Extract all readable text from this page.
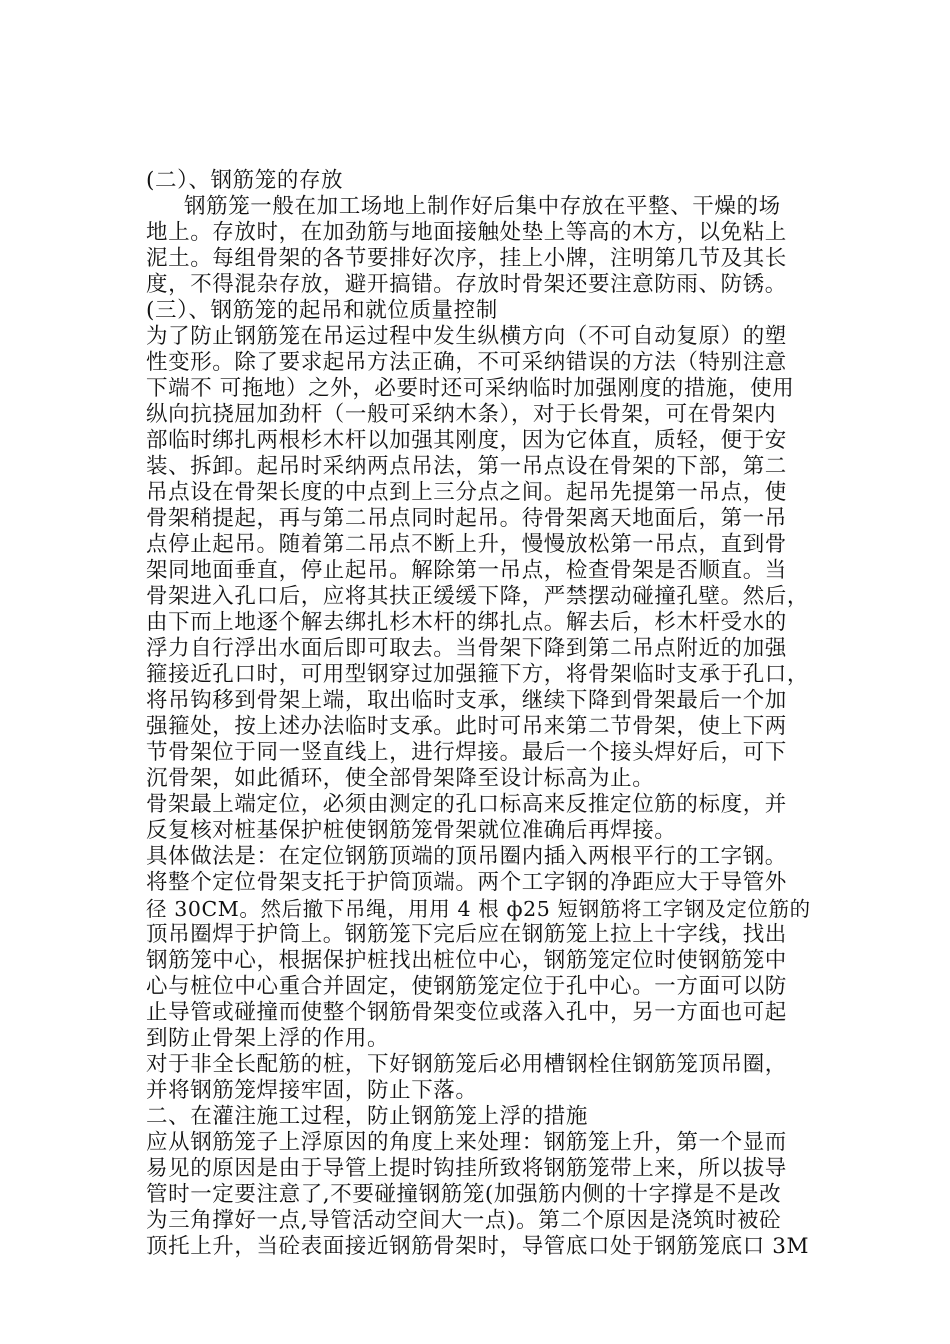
(二）、钢筋笼的存放
钢筋笼一般在加工场地上制作好后集中存放在平整、干燥的场
地上。存放时，在加劲筋与地面接触处垫上等高的木方，以免粘上
泥土。每组骨架的各节要排好次序，挂上小牌，注明第几节及其长
度，不得混杂存放，避开搞错。存放时骨架还要注意防雨、防锈。
(三）、钢筋笼的起吊和就位质量控制
为了防止钢筋笼在吊运过程中发生纵横方向（不可自动复原）的塑
性变形。除了要求起吊方法正确，不可采纳错误的方法（特别注意
下端不 可拖地）之外，必要时还可采纳临时加强刚度的措施，使用
纵向抗挠屈加劲杆（一般可采纳木条），对于长骨架，可在骨架内
部临时绑扎两根杉木杆以加强其刚度，因为它体直，质轻，便于安
装、拆卸。起吊时采纳两点吊法，第一吊点设在骨架的下部，第二
吊点设在骨架长度的中点到上三分点之间。起吊先提第一吊点，使
骨架稍提起，再与第二吊点同时起吊。待骨架离天地面后，第一吊
点停止起吊。随着第二吊点不断上升，慢慢放松第一吊点，直到骨
架同地面垂直，停止起吊。解除第一吊点，检查骨架是否顺直。当
骨架进入孔口后，应将其扶正缓缓下降，严禁摆动碰撞孔壁。然后，
由下而上地逐个解去绑扎杉木杆的绑扎点。解去后，杉木杆受水的
浮力自行浮出水面后即可取去。当骨架下降到第二吊点附近的加强
箍接近孔口时，可用型钢穿过加强箍下方，将骨架临时支承于孔口，
将吊钩移到骨架上端，取出临时支承，继续下降到骨架最后一个加
强箍处，按上述办法临时支承。此时可吊来第二节骨架，使上下两
节骨架位于同一竖直线上，进行焊接。最后一个接头焊好后，可下
沉骨架，如此循环，使全部骨架降至设计标高为止。
骨架最上端定位，必须由测定的孔口标高来反推定位筋的标度，并
反复核对桩基保护桩使钢筋笼骨架就位准确后再焊接。
具体做法是：在定位钢筋顶端的顶吊圈内插入两根平行的工字钢。
将整个定位骨架支托于护筒顶端。两个工字钢的净距应大于导管外
径 30CM。然后撤下吊绳，用用 4 根 ф25 短钢筋将工字钢及定位筋的
顶吊圈焊于护筒上。钢筋笼下完后应在钢筋笼上拉上十字线，找出
钢筋笼中心，根据保护桩找出桩位中心，钢筋笼定位时使钢筋笼中
心与桩位中心重合并固定，使钢筋笼定位于孔中心。一方面可以防
止导管或碰撞而使整个钢筋骨架变位或落入孔中，另一方面也可起
到防止骨架上浮的作用。
对于非全长配筋的桩，下好钢筋笼后必用槽钢栓住钢筋笼顶吊圈，
并将钢筋笼焊接牢固，防止下落。
二、在灌注施工过程，防止钢筋笼上浮的措施
应从钢筋笼子上浮原因的角度上来处理：钢筋笼上升，第一个显而
易见的原因是由于导管上提时钩挂所致将钢筋笼带上来，所以拔导
管时一定要注意了,不要碰撞钢筋笼(加强筋内侧的十字撑是不是改
为三角撑好一点,导管活动空间大一点)。第二个原因是浇筑时被砼
顶托上升，当砼表面接近钢筋骨架时，导管底口处于钢筋笼底口 3M
